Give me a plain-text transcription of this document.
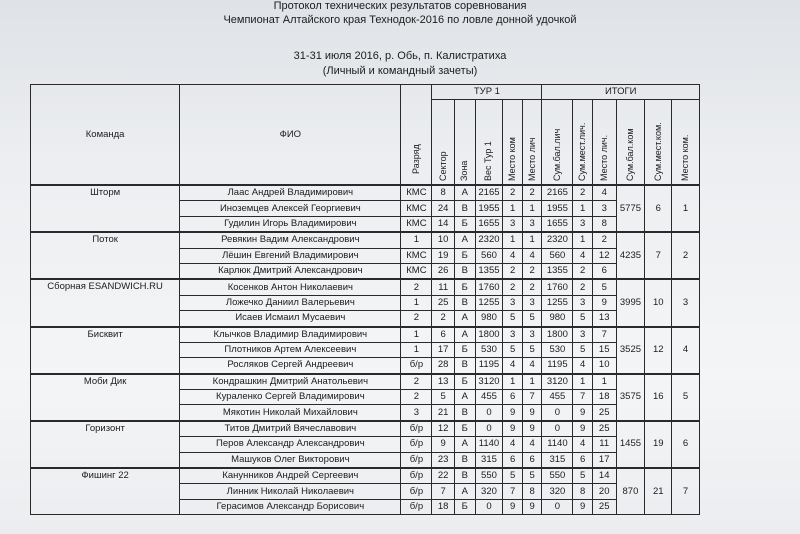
Протокол технических результатов соревнования
Чемпионат Алтайского края Технодок-2016 по ловле донной удочкой
31-31 июля 2016, р. Обь, п. Калистратиха
(Личный и командный зачеты)
Команда	ФИО	Разряд	ТУР 1					ИТОГИ					

			Сектор	Зона	Вес Тур 1	Место ком	Место лич	Сум.бал.лич	Сум.мест.лич.	Место лич.	Сум.бал.ком	Сум.мест.ком.	Место ком.

Шторм	Лаас Андрей Владимирович	КМС	8	А	2165	2	2	2165	2	4	5775	6	1
	Иноземцев Алексей Георгиевич	КМС	24	В	1955	1	1	1955	1	3			
	Гудилин Игорь Владимирович	КМС	14	Б	1655	3	3	1655	3	8			
Поток	Ревякин Вадим Александрович	1	10	А	2320	1	1	2320	1	2	4235	7	2
	Лёшин Евгений Владимирович	КМС	19	Б	560	4	4	560	4	12			
	Карлюк Дмитрий Александрович	КМС	26	В	1355	2	2	1355	2	6			
Сборная ESANDWICH.RU	Косенков Антон Николаевич	2	11	Б	1760	2	2	1760	2	5	3995	10	3
	Ложечко Даниил Валерьевич	1	25	В	1255	3	3	1255	3	9			
	Исаев Исмаил Мусаевич	2	2	А	980	5	5	980	5	13			
Бисквит	Клычков Владимир Владимирович	1	6	А	1800	3	3	1800	3	7	3525	12	4
	Плотников Артем Алексеевич	1	17	Б	530	5	5	530	5	15			
	Росляков Сергей Андреевич	б/р	28	В	1195	4	4	1195	4	10			
Моби Дик	Кондрашкин Дмитрий Анатольевич	2	13	Б	3120	1	1	3120	1	1	3575	16	5
	Кураленко Сергей Владимирович	2	5	А	455	6	7	455	7	18			
	Мякотин Николай Михайлович	3	21	В	0	9	9	0	9	25			
Горизонт	Титов Дмитрий Вячеславович	б/р	12	Б	0	9	9	0	9	25	1455	19	6
	Перов Александр Александрович	б/р	9	А	1140	4	4	1140	4	11			
	Машуков Олег Викторович	б/р	23	В	315	6	6	315	6	17			
Фишинг 22	Канунников Андрей Сергеевич	б/р	22	В	550	5	5	550	5	14	870	21	7
	Линник Николай Николаевич	б/р	7	А	320	7	8	320	8	20			
	Герасимов Александр Борисович	б/р	18	Б	0	9	9	0	9	25			
